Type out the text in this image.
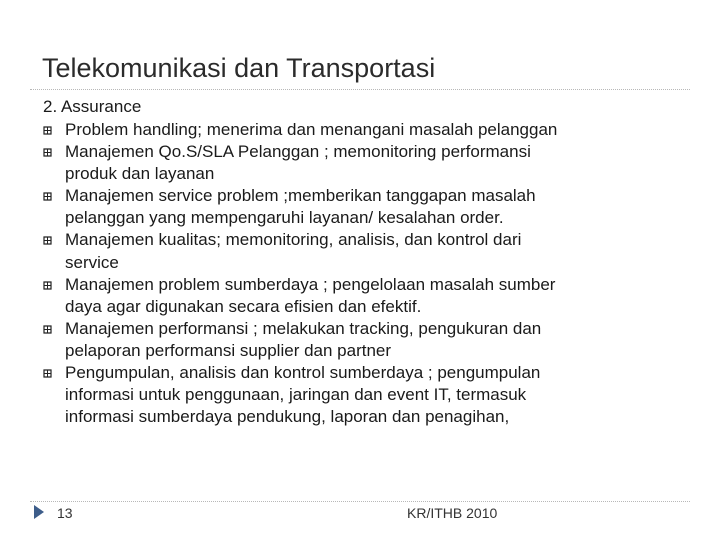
Telekomunikasi dan Transportasi
2. Assurance
Problem handling; menerima dan menangani masalah pelanggan
Manajemen Qo.S/SLA Pelanggan ; memonitoring performansi
produk dan layanan
Manajemen service problem ;memberikan tanggapan masalah
pelanggan yang mempengaruhi layanan/ kesalahan order.
Manajemen kualitas; memonitoring, analisis, dan kontrol dari
service
Manajemen problem sumberdaya ; pengelolaan masalah sumber
daya agar digunakan secara efisien dan efektif.
Manajemen performansi ; melakukan tracking, pengukuran dan
pelaporan performansi supplier dan partner
Pengumpulan, analisis dan kontrol sumberdaya ; pengumpulan
informasi untuk penggunaan, jaringan dan event IT, termasuk
informasi sumberdaya pendukung, laporan dan penagihan,
13	KR/ITHB 2010
